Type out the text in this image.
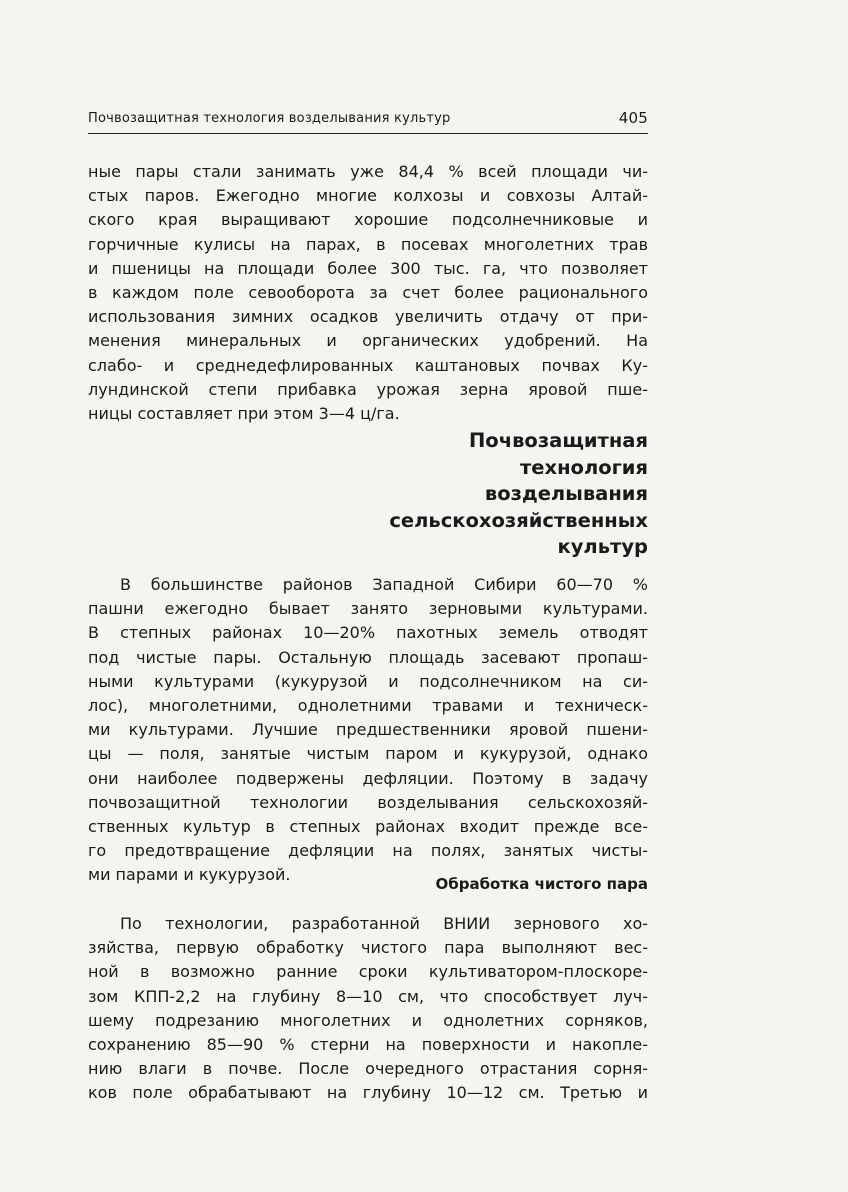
Почвозащитная технология возделывания культур	405
ные пары стали занимать уже 84,4 % всей площади чи-
стых паров. Ежегодно многие колхозы и совхозы Алтай-
ского края выращивают хорошие подсолнечниковые и
горчичные кулисы на парах, в посевах многолетних трав
и пшеницы на площади более 300 тыс. га, что позволяет
в каждом поле севооборота за счет более рационального
использования зимних осадков увеличить отдачу от при-
менения минеральных и органических удобрений. На
слабо- и среднедефлированных каштановых почвах Ку-
лундинской степи прибавка урожая зерна яровой пше-
ницы составляет при этом 3—4 ц/га.
Почвозащитная
технология
возделывания
сельскохозяйственных
культур
В большинстве районов Западной Сибири 60—70 %
пашни ежегодно бывает занято зерновыми культурами.
В степных районах 10—20% пахотных земель отводят
под чистые пары. Остальную площадь засевают пропаш-
ными культурами (кукурузой и подсолнечником на си-
лос), многолетними, однолетними травами и техническ-
ми культурами. Лучшие предшественники яровой пшени-
цы — поля, занятые чистым паром и кукурузой, однако
они наиболее подвержены дефляции. Поэтому в задачу
почвозащитной технологии возделывания сельскохозяй-
ственных культур в степных районах входит прежде все-
го предотвращение дефляции на полях, занятых чисты-
ми парами и кукурузой.	Обработка чистого пара
По технологии, разработанной ВНИИ зернового хо-
зяйства, первую обработку чистого пара выполняют вес-
ной в возможно ранние сроки культиватором-плоскоре-
зом КПП-2,2 на глубину 8—10 см, что способствует луч-
шему подрезанию многолетних и однолетних сорняков,
сохранению 85—90 % стерни на поверхности и накопле-
нию влаги в почве. После очередного отрастания сорня-
ков поле обрабатывают на глубину 10—12 см. Третью и
